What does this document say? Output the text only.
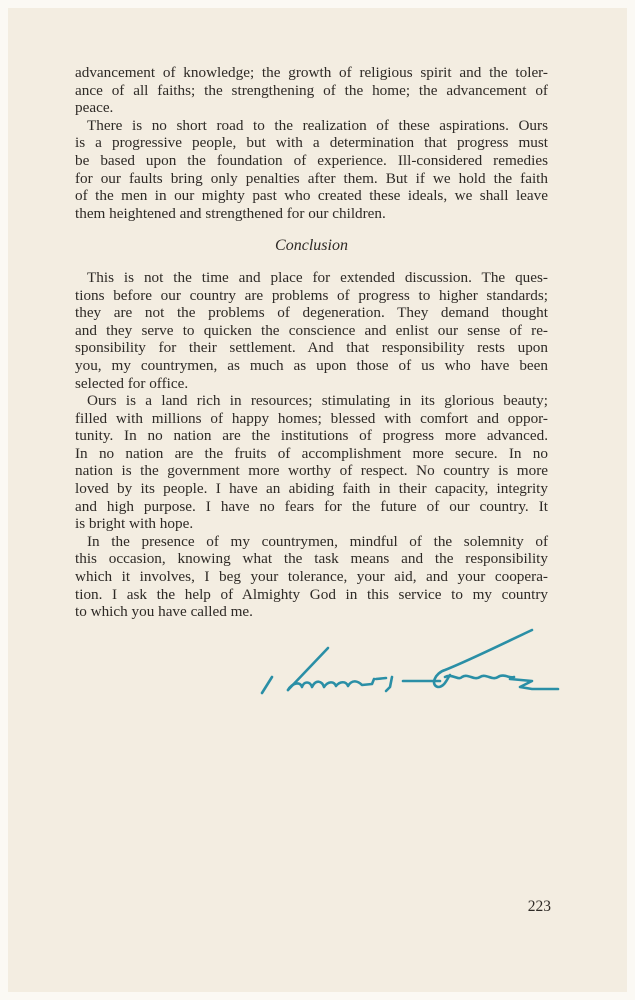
advancement of knowledge; the growth of religious spirit and the toler-
ance of all faiths; the strengthening of the home; the advancement of
peace.
There is no short road to the realization of these aspirations. Ours
is a progressive people, but with a determination that progress must
be based upon the foundation of experience. Ill-considered remedies
for our faults bring only penalties after them. But if we hold the faith
of the men in our mighty past who created these ideals, we shall leave
them heightened and strengthened for our children.
Conclusion
This is not the time and place for extended discussion. The ques-
tions before our country are problems of progress to higher standards;
they are not the problems of degeneration. They demand thought
and they serve to quicken the conscience and enlist our sense of re-
sponsibility for their settlement. And that responsibility rests upon
you, my countrymen, as much as upon those of us who have been
selected for office.
Ours is a land rich in resources; stimulating in its glorious beauty;
filled with millions of happy homes; blessed with comfort and oppor-
tunity. In no nation are the institutions of progress more advanced.
In no nation are the fruits of accomplishment more secure. In no
nation is the government more worthy of respect. No country is more
loved by its people. I have an abiding faith in their capacity, integrity
and high purpose. I have no fears for the future of our country. It
is bright with hope.
In the presence of my countrymen, mindful of the solemnity of
this occasion, knowing what the task means and the responsibility
which it involves, I beg your tolerance, your aid, and your coopera-
tion. I ask the help of Almighty God in this service to my country
to which you have called me.
223
